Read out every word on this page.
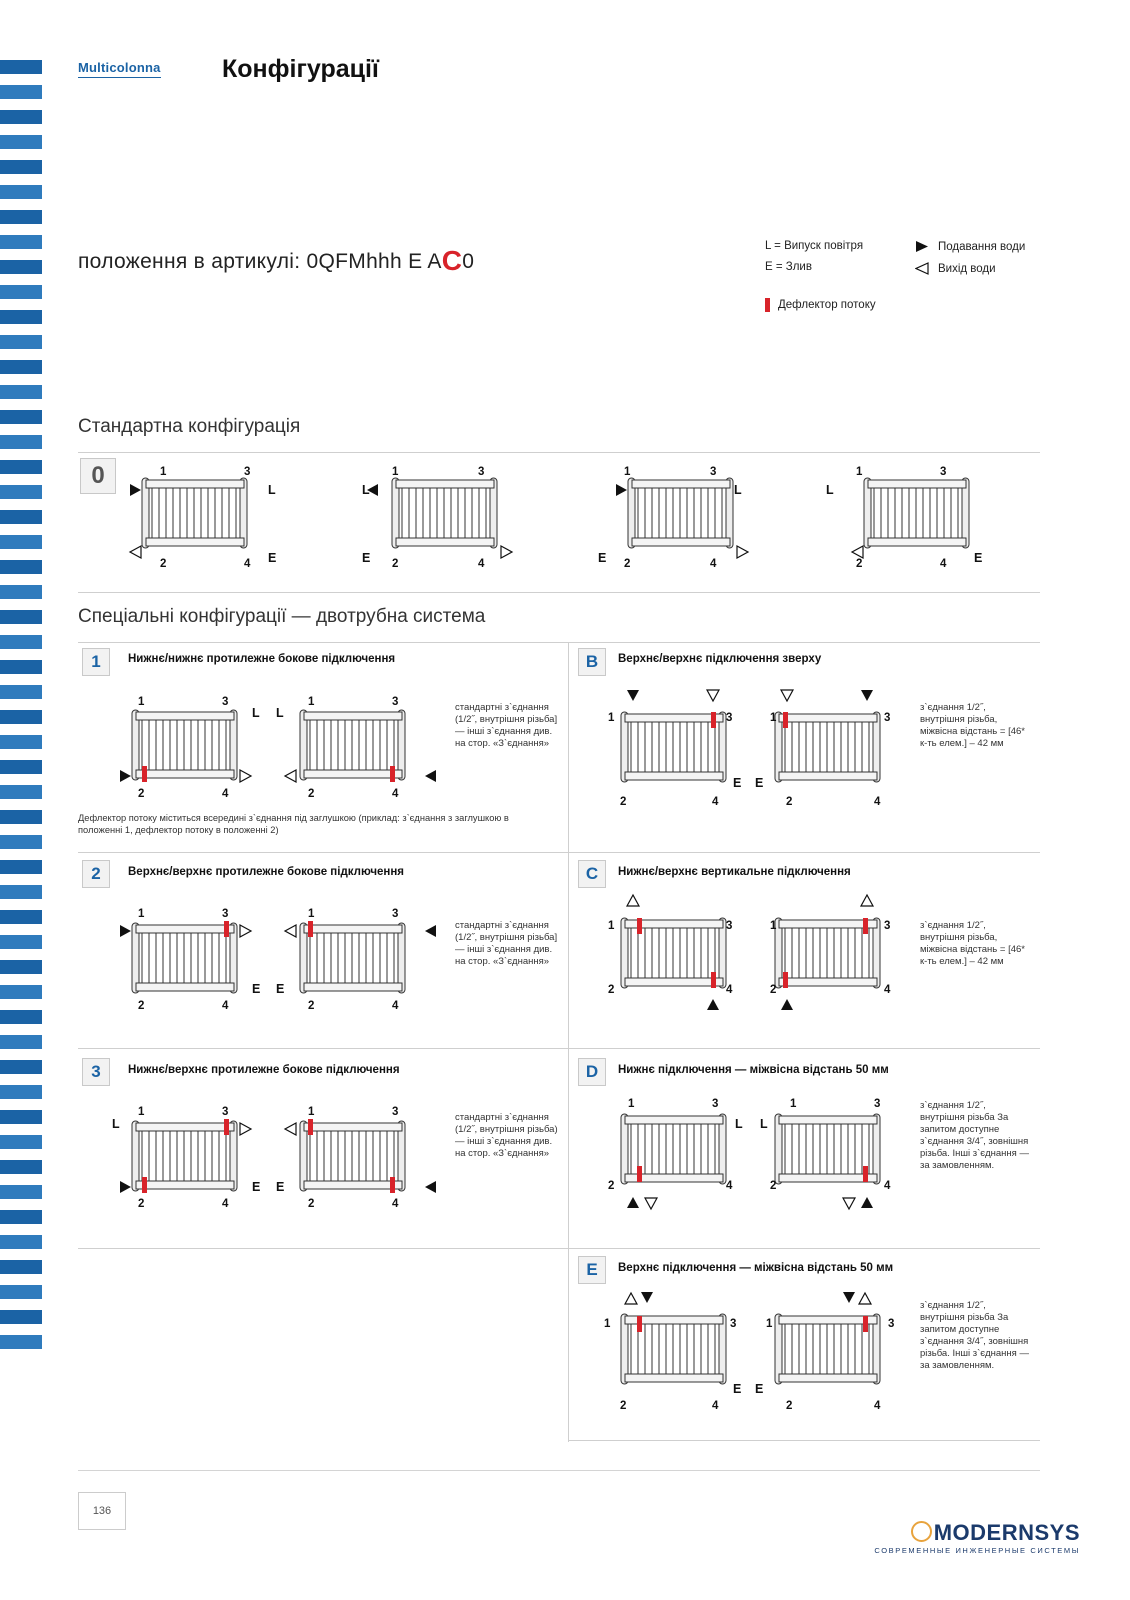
Multicolonna Конфігурації
положення в артикулі: 0QFMhhh E AC0
L = Випуск повітря
E = Злив
Подавання води
Вихід води
Дефлектор потоку
Стандартна конфігурація
0	1	3
2	4
L
E
1	3
2	4
L
E
1	3
2	4
L
E
1	3
2	4
L
E
Спеціальні конфігурації — двотрубна система
1	Нижнє/нижнє протилежне бокове підключення
1	3
2	4
1	3
2	4
L L	стандартні з`єднання (1/2˝, внутрішня різьба] — інші з`єднання див. на стор. «З`єднання»
Дефлектор потоку міститься всередині з`єднання під заглушкою (приклад: з`єднання з заглушкою в положенні 1, дефлектор потоку в положенні 2)
2	Верхнє/верхнє протилежне бокове підключення
1	3
2	4
1	3
2	4
E E
стандартні з`єднання (1/2˝, внутрішня різьба] — інші з`єднання див. на стор. «З`єднання»
3	Нижнє/верхнє протилежне бокове підключення
1	3
2	4
1	3
2	4
L
E E
стандартні з`єднання (1/2˝, внутрішня різьба) — інші з`єднання див. на стор. «З`єднання»
B	Верхнє/верхнє підключення зверху
1	3
2	4
1	3
2	4
E E
з`єднання 1/2˝, внутрішня різьба, міжвісна відстань = [46* к-ть елем.] – 42 мм
C	Нижнє/верхнє вертикальне підключення
1	3
2	4
1	3
2	4
з`єднання 1/2˝, внутрішня різьба, міжвісна відстань = [46* к-ть елем.] – 42 мм
D	Нижнє підключення — міжвісна відстань 50 мм
1	3
2	4
1	3
2	4
L L
з`єднання 1/2˝, внутрішня різьба За запитом доступне з`єднання 3/4˝, зовнішня різьба. Інші з`єднання — за замовленням.
E	Верхнє підключення — міжвісна відстань 50 мм
1	3
2	4
1	3
2	4
E E
з`єднання 1/2˝, внутрішня різьба За запитом доступне з`єднання 3/4˝, зовнішня різьба. Інші з`єднання — за замовленням.
136
MODERNSYS
СОВРЕМЕННЫЕ ИНЖЕНЕРНЫЕ СИСТЕМЫ
